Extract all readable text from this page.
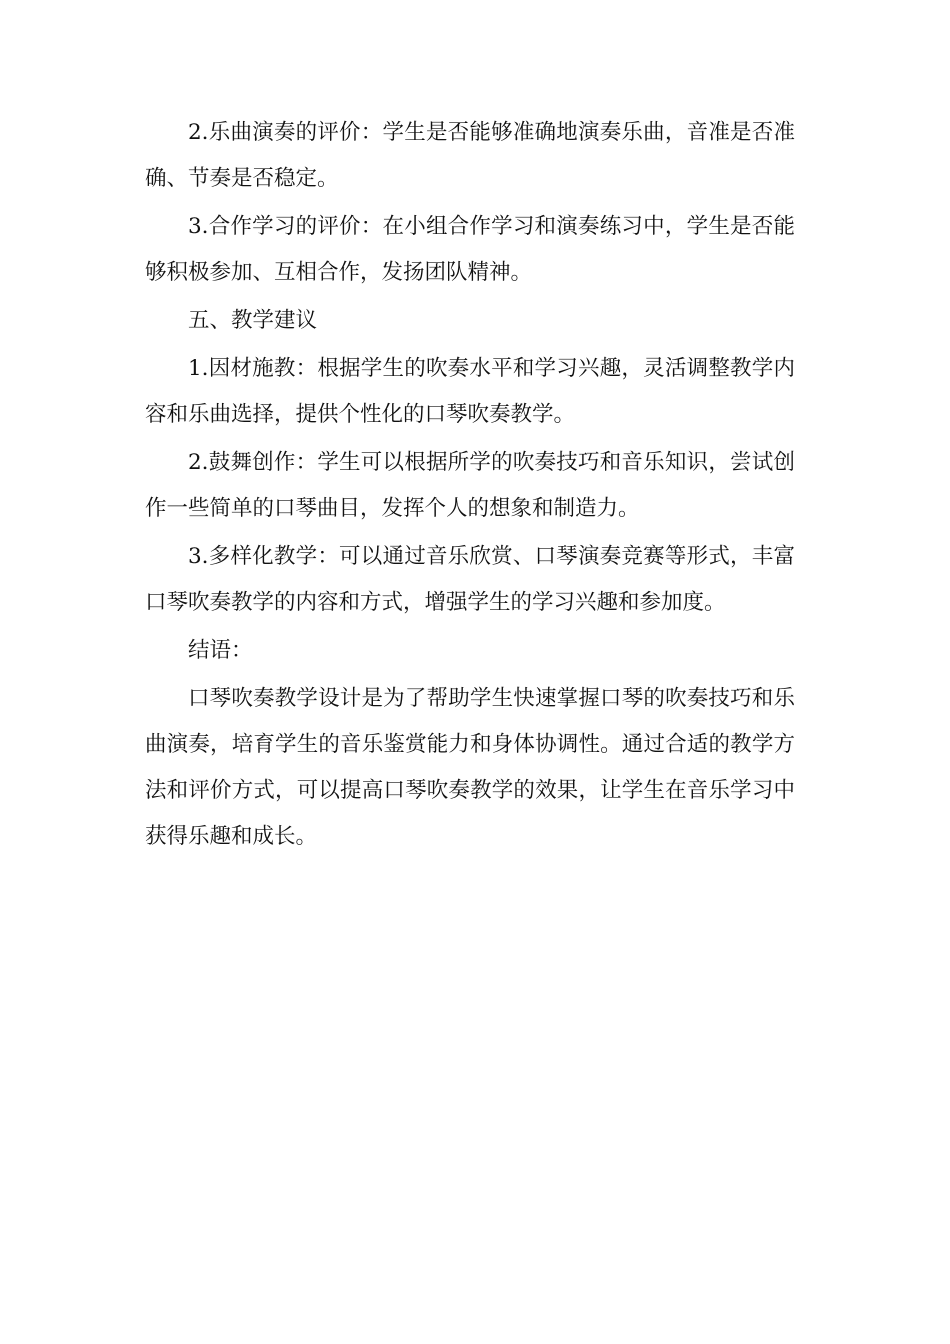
2.乐曲演奏的评价：学生是否能够准确地演奏乐曲，音准是否准确、节奏是否稳定。

3.合作学习的评价：在小组合作学习和演奏练习中，学生是否能够积极参加、互相合作，发扬团队精神。

五、教学建议

1.因材施教：根据学生的吹奏水平和学习兴趣，灵活调整教学内容和乐曲选择，提供个性化的口琴吹奏教学。

2.鼓舞创作：学生可以根据所学的吹奏技巧和音乐知识，尝试创作一些简单的口琴曲目，发挥个人的想象和制造力。

3.多样化教学：可以通过音乐欣赏、口琴演奏竞赛等形式，丰富口琴吹奏教学的内容和方式，增强学生的学习兴趣和参加度。

结语：

口琴吹奏教学设计是为了帮助学生快速掌握口琴的吹奏技巧和乐曲演奏，培育学生的音乐鉴赏能力和身体协调性。通过合适的教学方法和评价方式，可以提高口琴吹奏教学的效果，让学生在音乐学习中获得乐趣和成长。
